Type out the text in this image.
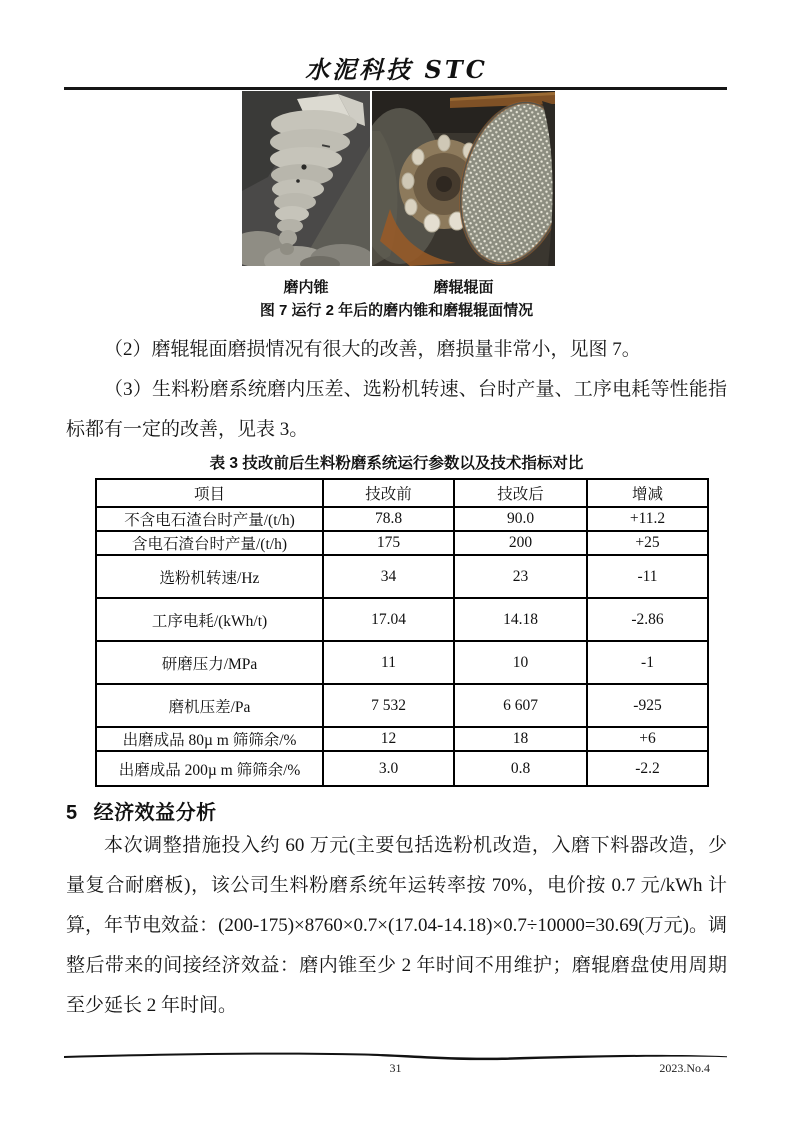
水泥科技 STC
磨内锥	磨辊辊面
图 7 运行 2 年后的磨内锥和磨辊辊面情况

（2）磨辊辊面磨损情况有很大的改善，磨损量非常小，见图 7。

（3）生料粉磨系统磨内压差、选粉机转速、台时产量、工序电耗等性能指标都有一定的改善，见表 3。

表 3 技改前后生料粉磨系统运行参数以及技术指标对比
项目	技改前	技改后	增减
不含电石渣台时产量/(t/h)	78.8	90.0	+11.2
含电石渣台时产量/(t/h)	175	200	+25
选粉机转速/Hz	34	23	-11
工序电耗/(kWh/t)	17.04	14.18	-2.86
研磨压力/MPa	11	10	-1
磨机压差/Pa	7 532	6 607	-925
出磨成品 80µ m 筛筛余/%	12	18	+6
出磨成品 200µ m 筛筛余/%	3.0	0.8	-2.2
5 经济效益分析

本次调整措施投入约 60 万元(主要包括选粉机改造，入磨下料器改造，少量复合耐磨板)，该公司生料粉磨系统年运转率按 70%，电价按 0.7 元/kWh 计算，年节电效益：(200-175)×8760×0.7×(17.04-14.18)×0.7÷10000=30.69(万元)。调整后带来的间接经济效益：磨内锥至少 2 年时间不用维护；磨辊磨盘使用周期至少延长 2 年时间。

31	2023.No.4
